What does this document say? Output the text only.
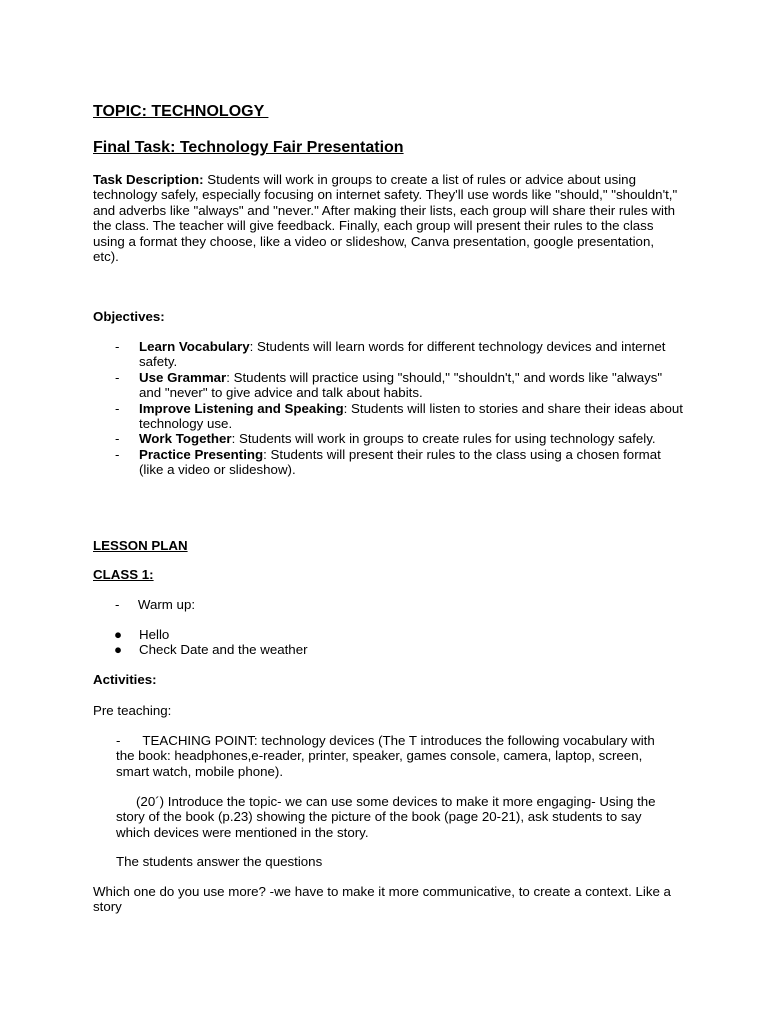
TOPIC: TECHNOLOGY
Final Task: Technology Fair Presentation
Task Description: Students will work in groups to create a list of rules or advice about using technology safely, especially focusing on internet safety. They'll use words like "should," "shouldn't," and adverbs like "always" and "never." After making their lists, each group will share their rules with the class. The teacher will give feedback. Finally, each group will present their rules to the class using a format they choose, like a video or slideshow, Canva presentation, google presentation, etc).
Objectives:
- Learn Vocabulary: Students will learn words for different technology devices and internet safety.
- Use Grammar: Students will practice using "should," "shouldn't," and words like "always" and "never" to give advice and talk about habits.
- Improve Listening and Speaking: Students will listen to stories and share their ideas about technology use.
- Work Together: Students will work in groups to create rules for using technology safely.
- Practice Presenting: Students will present their rules to the class using a chosen format (like a video or slideshow).
LESSON PLAN
CLASS 1:
-     Warm up:
● Hello
● Check Date and the weather
Activities:
Pre teaching:
-      TEACHING POINT: technology devices (The T introduces the following vocabulary with the book: headphones,e-reader, printer, speaker, games console, camera, laptop, screen, smart watch, mobile phone).
(20´) Introduce the topic- we can use some devices to make it more engaging- Using the story of the book (p.23) showing the picture of the book (page 20-21), ask students to say which devices were mentioned in the story.
The students answer the questions
Which one do you use more? -we have to make it more communicative, to create a context. Like a story
